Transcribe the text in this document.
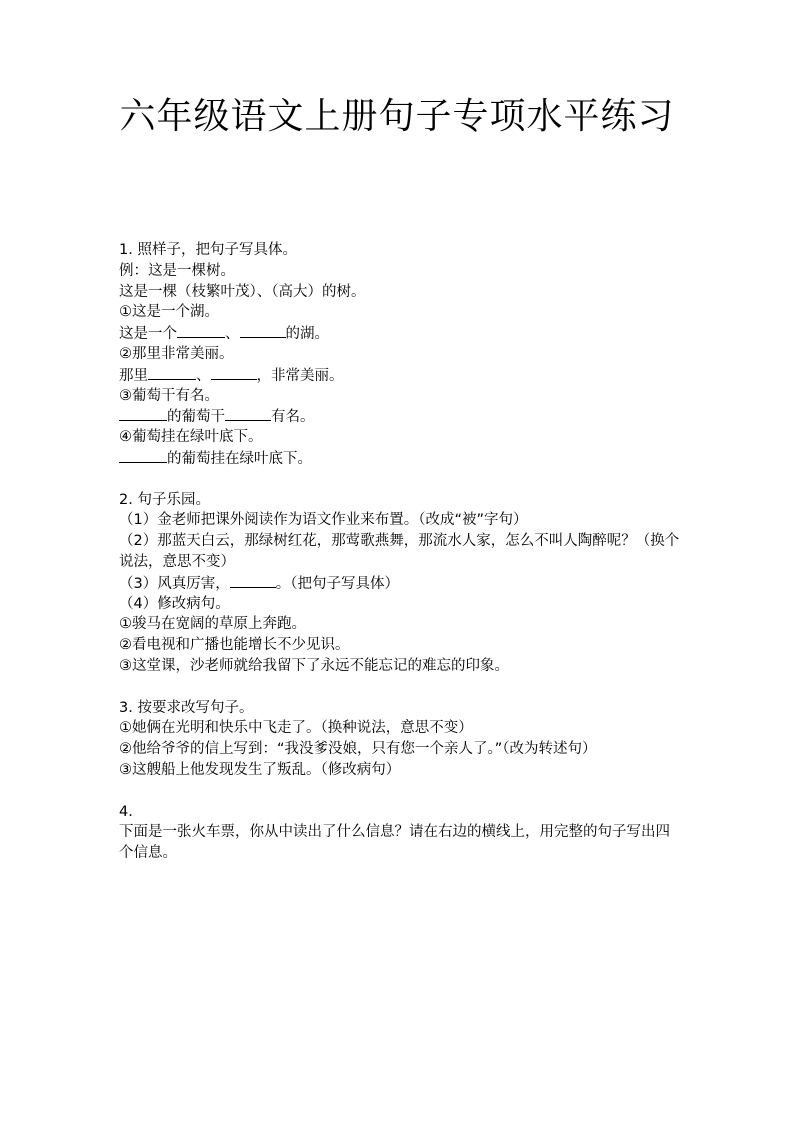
六年级语文上册句子专项水平练习
1. 照样子，把句子写具体。
例：这是一棵树。
这是一棵（枝繁叶茂）、（高大）的树。
①这是一个湖。
这是一个	、	的湖。
②那里非常美丽。
那里	、	，非常美丽。
③葡萄干有名。
的葡萄干	有名。
④葡萄挂在绿叶底下。
的葡萄挂在绿叶底下。
2. 句子乐园。
（1）金老师把课外阅读作为语文作业来布置。（改成“被”字句）
（2）那蓝天白云，那绿树红花，那莺歌燕舞，那流水人家，怎么不叫人陶醉呢？（换个说法，意思不变）
（3）风真厉害，	。（把句子写具体）
（4）修改病句。
①骏马在宽阔的草原上奔跑。
②看电视和广播也能增长不少见识。
③这堂课，沙老师就给我留下了永远不能忘记的难忘的印象。
3. 按要求改写句子。
①她俩在光明和快乐中飞走了。（换种说法，意思不变）
②他给爷爷的信上写到：“我没爹没娘，只有您一个亲人了。”（改为转述句）
③这艘船上他发现发生了叛乱。（修改病句）
4.
下面是一张火车票，你从中读出了什么信息？请在右边的横线上，用完整的句子写出四个信息。
